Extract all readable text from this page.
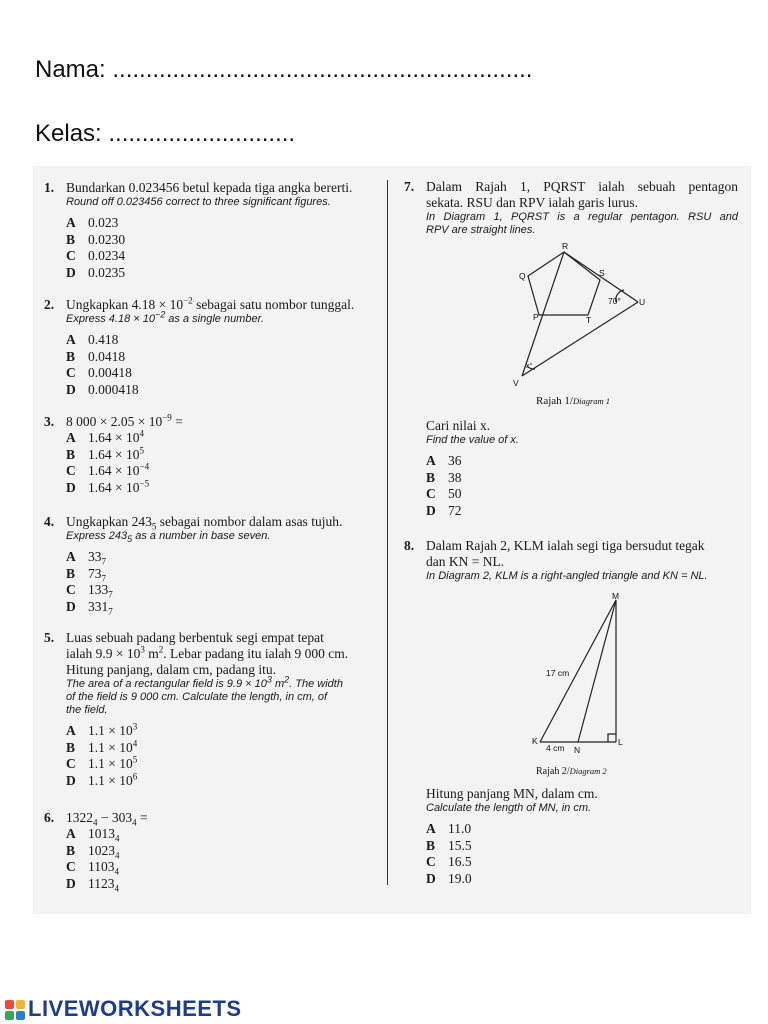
Nama: ...............................................................
Kelas: ............................
1. Bundarkan 0.023456 betul kepada tiga angka bererti.
Round off 0.023456 correct to three significant figures.
A 0.023
B 0.0230
C 0.0234
D 0.0235
2. Ungkapkan $4.18 \times 10^{-2}$ sebagai satu nombor tunggal.
Express $4.18 \times 10^{-2}$ as a single number.
A 0.418
B 0.0418
C 0.00418
D 0.000418
3. 8 $000 \times 2.05 \times 10^{-9}$ =
A $1.64 \times 10^4$
B $1.64 \times 10^5$
C $1.64 \times 10^{-4}$
D $1.64 \times 10^{-5}$
4. Ungkapkan $243_5$ sebagai nombor dalam asas tujuh.
Express $243_5$ as a number in base seven.
A $33_7$
B $73_7$
C $133_7$
D $331_7$
5. Luas sebuah padang berbentuk segi empat tepat
ialah $9.9 \times 10^3$ $m^2$. Lebar padang itu ialah 9 000 cm.
Hitung panjang, dalam cm, padang itu.
The area of a rectangular field is $9.9 \times 10^3$ $m^2$. The width
of the field is 9 000 cm. Calculate the length, in cm, of
the field.
A $1.1 \times 10^3$
B $1.1 \times 10^4$
C $1.1 \times 10^5$
D $1.1 \times 10^6$
6. $1322_4 - 303_4$ =
A $1013_4$
B $1023_4$
C $1103_4$
D $1123_4$
7. Dalam Rajah 1, PQRST ialah sebuah pentagon
sekata. RSU dan RPV ialah garis lurus.
In Diagram 1, PQRST is a regular pentagon. RSU and
RPV are straight lines.
R
Q	S
P	T
U
V
70°
x°
Rajah 1/Diagram 1
Cari nilai x.
Find the value of x.
A 36
B 38
C 50
D 72
8. Dalam Rajah 2, KLM ialah segi tiga bersudut tegak
dan KN = NL.
In Diagram 2, KLM is a right-angled triangle and KN = NL.
M
K
N
L
17 cm
4 cm
Rajah 2/Diagram 2
Hitung panjang MN, dalam cm.
Calculate the length of MN, in cm.
A 11.0
B 15.5
C 16.5
D 19.0
LIVEWORKSHEETS
